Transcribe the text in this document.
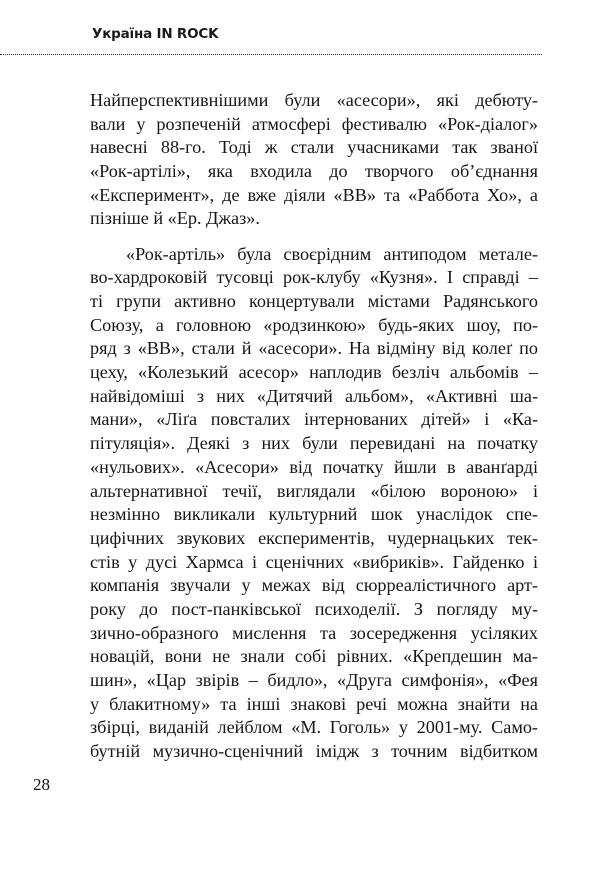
Україна IN ROCK
Найперспективнішими були «асесори», які дебюту-
вали у розпеченій атмосфері фестивалю «Рок-діалог»
навесні 88-го. Тоді ж стали учасниками так званої
«Рок-артілі», яка входила до творчого об’єднання
«Експеримент», де вже діяли «ВВ» та «Раббота Хо», а
пізніше й «Ер. Джаз».
«Рок-артіль» була своєрідним антиподом метале-
во-хардроковій тусовці рок-клубу «Кузня». І справді –
ті групи активно концертували містами Радянського
Союзу, а головною «родзинкою» будь-яких шоу, по-
ряд з «ВВ», стали й «асесори». На відміну від колеґ по
цеху, «Колезький асесор» наплодив безліч альбомів –
найвідоміші з них «Дитячий альбом», «Активні ша-
мани», «Ліґа повсталих інтернованих дітей» і «Ка-
пітуляція». Деякі з них були перевидані на початку
«нульових». «Асесори» від початку йшли в аванґарді
альтернативної течії, виглядали «білою вороною» і
незмінно викликали культурний шок унаслідок спе-
цифічних звукових експериментів, чудернацьких тек-
стів у дусі Хармса і сценічних «вибриків». Гайденко і
компанія звучали у межах від сюрреалістичного арт-
року до пост-панківської психоделії. З погляду му-
зично-образного мислення та зосередження усіляких
новацій, вони не знали собі рівних. «Крепдешин ма-
шин», «Цар звірів – бидло», «Друга симфонія», «Фея
у блакитному» та інші знакові речі можна знайти на
збірці, виданій лейблом «М. Гоголь» у 2001-му. Само-
бутній музично-сценічний імідж з точним відбитком
28
